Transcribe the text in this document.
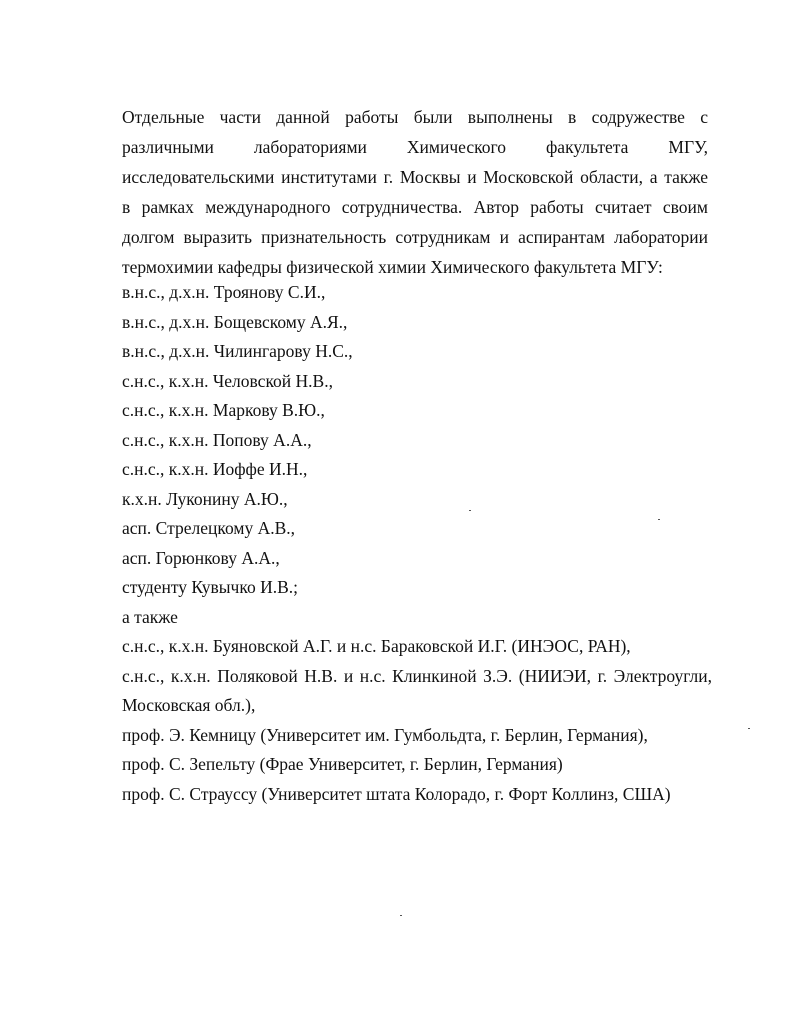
Отдельные части данной работы были выполнены в содружестве с
различными лабораториями Химического факультета МГУ,
исследовательскими институтами г. Москвы и Московской области, а также
в рамках международного сотрудничества. Автор работы считает своим
долгом выразить признательность сотрудникам и аспирантам лаборатории
термохимии кафедры физической химии Химического факультета МГУ:
в.н.с., д.х.н. Троянову С.И.,
в.н.с., д.х.н. Бощевскому А.Я.,
в.н.с., д.х.н. Чилингарову Н.С.,
с.н.с., к.х.н. Человской Н.В.,
с.н.с., к.х.н. Маркову В.Ю.,
с.н.с., к.х.н. Попову А.А.,
с.н.с., к.х.н. Иоффе И.Н.,
к.х.н. Луконину А.Ю.,
асп. Стрелецкому А.В.,
асп. Горюнкову А.А.,
студенту Кувычко И.В.;
а также
с.н.с., к.х.н. Буяновской А.Г. и н.с. Бараковской И.Г. (ИНЭОС, РАН),
с.н.с., к.х.н. Поляковой Н.В. и н.с. Клинкиной З.Э. (НИИЭИ, г. Электроугли, Московская обл.),
проф. Э. Кемницу (Университет им. Гумбольдта, г. Берлин, Германия),
проф. С. Зепельту (Фрае Университет, г. Берлин, Германия)
проф. С. Страуссу (Университет штата Колорадо, г. Форт Коллинз, США)
